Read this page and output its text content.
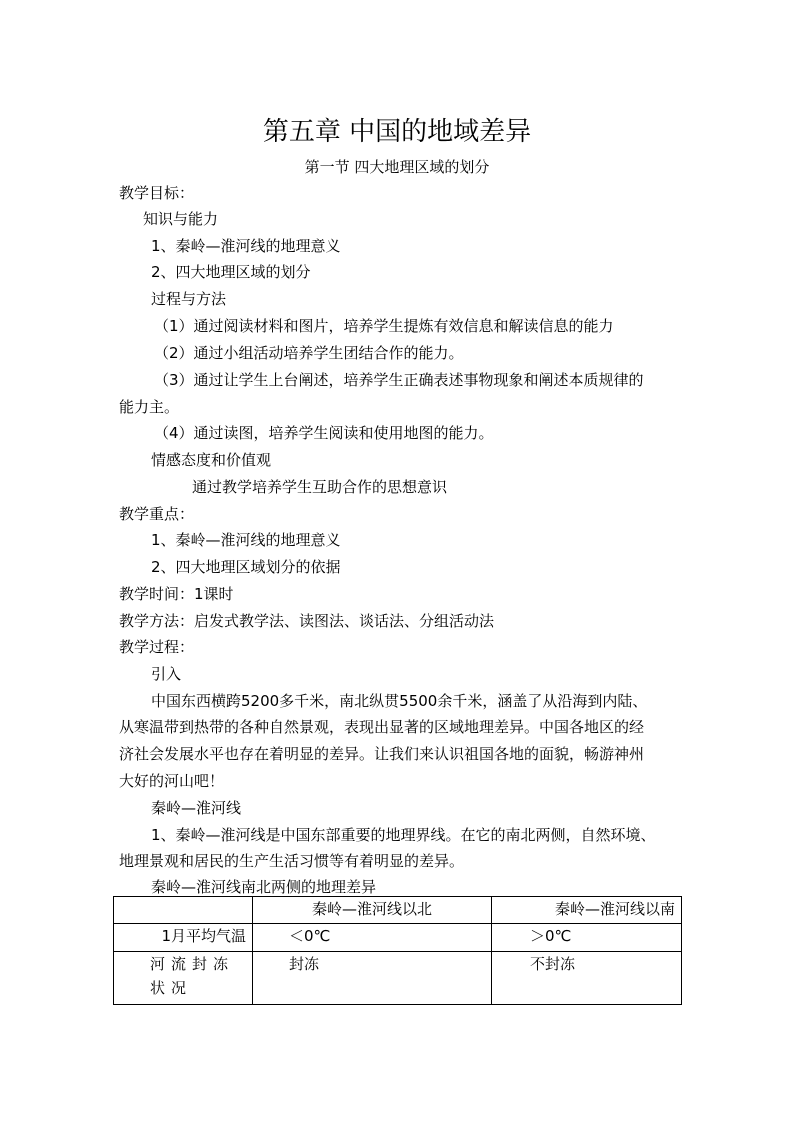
第五章 中国的地域差异
第一节 四大地理区域的划分
教学目标：
知识与能力
1、秦岭—淮河线的地理意义
2、四大地理区域的划分
过程与方法
（1）通过阅读材料和图片，培养学生提炼有效信息和解读信息的能力
（2）通过小组活动培养学生团结合作的能力。
（3）通过让学生上台阐述，培养学生正确表述事物现象和阐述本质规律的
能力主。
（4）通过读图，培养学生阅读和使用地图的能力。
情感态度和价值观
通过教学培养学生互助合作的思想意识
教学重点：
1、秦岭—淮河线的地理意义
2、四大地理区域划分的依据
教学时间：1课时
教学方法：启发式教学法、读图法、谈话法、分组活动法
教学过程：
引入
中国东西横跨5200多千米，南北纵贯5500余千米，涵盖了从沿海到内陆、
从寒温带到热带的各种自然景观，表现出显著的区域地理差异。中国各地区的经
济社会发展水平也存在着明显的差异。让我们来认识祖国各地的面貌，畅游神州
大好的河山吧！
秦岭—淮河线
1、秦岭—淮河线是中国东部重要的地理界线。在它的南北两侧，自然环境、
地理景观和居民的生产生活习惯等有着明显的差异。
秦岭—淮河线南北两侧的地理差异
	秦岭—淮河线以北	秦岭—淮河线以南
1月平均气温	＜0℃	＞0℃
河流封冻状况	封冻	不封冻
